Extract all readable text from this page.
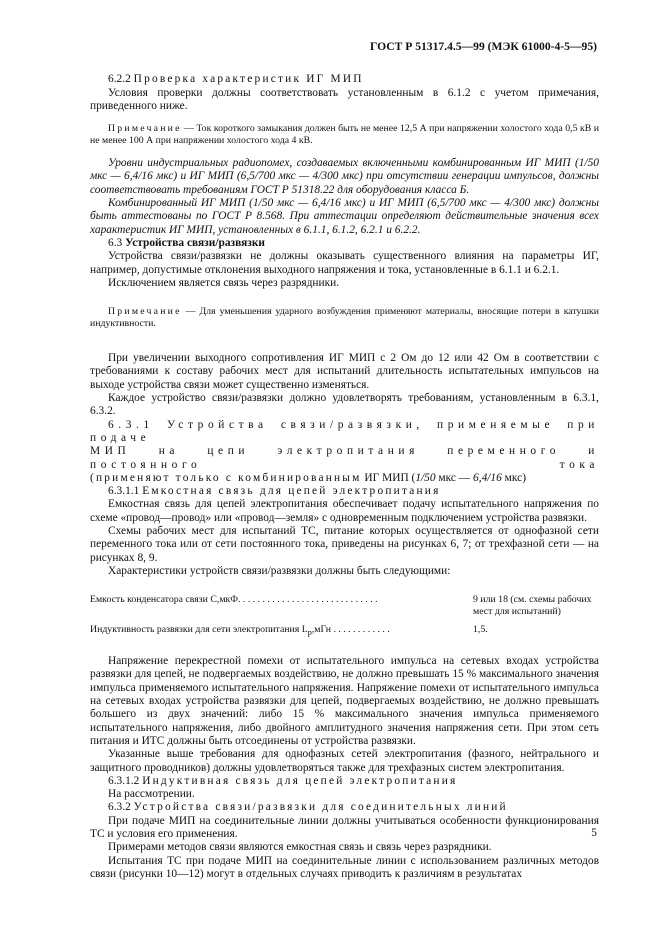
ГОСТ Р 51317.4.5—99 (МЭК 61000-4-5—95)

6.2.2 Проверка характеристик ИГ МИП

Условия проверки должны соответствовать установленным в 6.1.2 с учетом примечания, приведенного ниже.

Примечание — Ток короткого замыкания должен быть не менее 12,5 А при напряжении холостого хода 0,5 кВ и не менее 100 А при напряжении холостого хода 4 кВ.

Уровни индустриальных радиопомех, создаваемых включенными комбинированным ИГ МИП (1/50 мкс — 6,4/16 мкс) и ИГ МИП (6,5/700 мкс — 4/300 мкс) при отсутствии генерации импульсов, должны соответствовать требованиям ГОСТ Р 51318.22 для оборудования класса Б.

Комбинированный ИГ МИП (1/50 мкс — 6,4/16 мкс) и ИГ МИП (6,5/700 мкс — 4/300 мкс) должны быть аттестованы по ГОСТ Р 8.568. При аттестации определяют действительные значения всех характеристик ИГ МИП, установленных в 6.1.1, 6.1.2, 6.2.1 и 6.2.2.

6.3 Устройства связи/развязки

Устройства связи/развязки не должны оказывать существенного влияния на параметры ИГ, например, допустимые отклонения выходного напряжения и тока, установленные в 6.1.1 и 6.2.1.

Исключением является связь через разрядники.

Примечание — Для уменьшения ударного возбуждения применяют материалы, вносящие потери в катушки индуктивности.

При увеличении выходного сопротивления ИГ МИП с 2 Ом до 12 или 42 Ом в соответствии с требованиями к составу рабочих мест для испытаний длительность испытательных импульсов на выходе устройства связи может существенно изменяться.

Каждое устройство связи/развязки должно удовлетворять требованиям, установленным в 6.3.1, 6.3.2.

6.3.1 Устройства связи/развязки, применяемые при подаче

МИП на цепи электропитания переменного и постоянного тока

(применяют только с комбинированным ИГ МИП (1/50 мкс — 6,4/16 мкс)

6.3.1.1 Емкостная связь для цепей электропитания

Емкостная связь для цепей электропитания обеспечивает подачу испытательного напряжения по схеме «провод—провод» или «провод—земля» с одновременным подключением устройства развязки.

Схемы рабочих мест для испытаний ТС, питание которых осуществляется от однофазной сети переменного тока или от сети постоянного тока, приведены на рисунках 6, 7; от трехфазной сети — на рисунках 8, 9.

Характеристики устройств связи/развязки должны быть следующими:

Емкость конденсатора связи С,мкФ. . . . . . . . . . . . . . . . . . . . . . . . . . . . .	9 или 18 (см. схемы рабочих мест для испытаний)
Индуктивность развязки для сети электропитания $L_р,мГн$ . . . . . . . . . . . .	1,5.

Напряжение перекрестной помехи от испытательного импульса на сетевых входах устройства развязки для цепей, не подвергаемых воздействию, не должно превышать 15 % максимального значения импульса применяемого испытательного напряжения. Напряжение помехи от испытательного импульса на сетевых входах устройства развязки для цепей, подвергаемых воздействию, не должно превышать большего из двух значений: либо 15 % максимального значения импульса применяемого испытательного напряжения, либо двойного амплитудного значения напряжения сети. При этом сеть питания и ИТС должны быть отсоединены от устройства развязки.

Указанные выше требования для однофазных сетей электропитания (фазного, нейтрального и защитного проводников) должны удовлетворяться также для трехфазных систем электропитания.

6.3.1.2 Индуктивная связь для цепей электропитания

На рассмотрении.

6.3.2 Устройства связи/развязки для соединительных линий

При подаче МИП на соединительные линии должны учитываться особенности функционирования ТС и условия его применения.

Примерами методов связи являются емкостная связь и связь через разрядники.

Испытания ТС при подаче МИП на соединительные линии с использованием различных методов связи (рисунки 10—12) могут в отдельных случаях приводить к различиям в результатах

5
